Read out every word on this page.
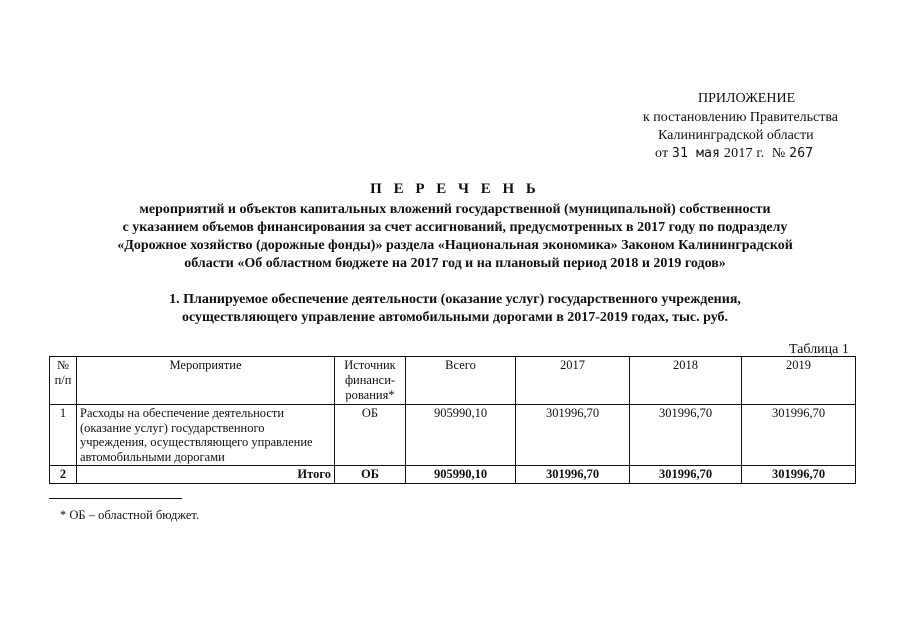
ПРИЛОЖЕНИЕ
к постановлению Правительства
Калининградской области
от 31 мая 2017 г. № 267
П Е Р Е Ч Е Н Ь
мероприятий и объектов капитальных вложений государственной (муниципальной) собственности
с указанием объемов финансирования за счет ассигнований, предусмотренных в 2017 году по подразделу
«Дорожное хозяйство (дорожные фонды)» раздела «Национальная экономика» Законом Калининградской
области «Об областном бюджете на 2017 год и на плановый период 2018 и 2019 годов»
1. Планируемое обеспечение деятельности (оказание услуг) государственного учреждения,
осуществляющего управление автомобильными дорогами в 2017-2019 годах, тыс. руб.
Таблица 1
№ п/п	Мероприятие	Источник финанси-рования*	Всего	2017	2018	2019
1	Расходы на обеспечение деятельности (оказание услуг) государственного учреждения, осуществляющего управление автомобильными дорогами	ОБ	905990,10	301996,70	301996,70	301996,70
2	Итого	ОБ	905990,10	301996,70	301996,70	301996,70
* ОБ – областной бюджет.
